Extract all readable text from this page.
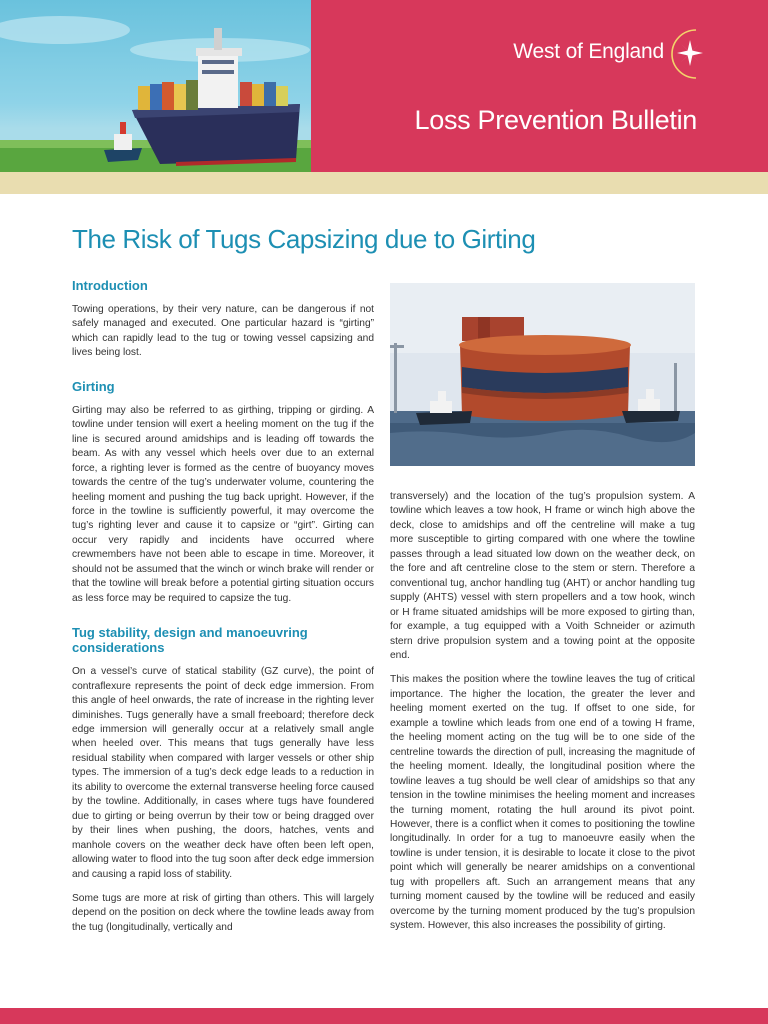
West of England
Loss Prevention Bulletin
The Risk of Tugs Capsizing due to Girting
Introduction

Towing operations, by their very nature, can be dangerous if not safely managed and executed. One particular hazard is “girting” which can rapidly lead to the tug or towing vessel capsizing and lives being lost.

Girting

Girting may also be referred to as girthing, tripping or girding. A towline under tension will exert a heeling moment on the tug if the line is secured around amidships and is leading off towards the beam. As with any vessel which heels over due to an external force, a righting lever is formed as the centre of buoyancy moves towards the centre of the tug’s underwater volume, countering the heeling moment and pushing the tug back upright. However, if the force in the towline is sufficiently powerful, it may overcome the tug’s righting lever and cause it to capsize or “girt”. Girting can occur very rapidly and incidents have occurred where crewmembers have not been able to escape in time. Moreover, it should not be assumed that the winch or winch brake will render or that the towline will break before a potential girting situation occurs as less force may be required to capsize the tug.

Tug stability, design and manoeuvring considerations

On a vessel’s curve of statical stability (GZ curve), the point of contraflexure represents the point of deck edge immersion. From this angle of heel onwards, the rate of increase in the righting lever diminishes. Tugs generally have a small freeboard; therefore deck edge immersion will generally occur at a relatively small angle when heeled over. This means that tugs generally have less residual stability when compared with larger vessels or other ship types. The immersion of a tug’s deck edge leads to a reduction in its ability to overcome the external transverse heeling force caused by the towline. Additionally, in cases where tugs have foundered due to girting or being overrun by their tow or being dragged over by their lines when pushing, the doors, hatches, vents and manhole covers on the weather deck have often been left open, allowing water to flood into the tug soon after deck edge immersion and causing a rapid loss of stability.

Some tugs are more at risk of girting than others. This will largely depend on the position on deck where the towline leads away from the tug (longitudinally, vertically and

transversely) and the location of the tug’s propulsion system. A towline which leaves a tow hook, H frame or winch high above the deck, close to amidships and off the centreline will make a tug more susceptible to girting compared with one where the towline passes through a lead situated low down on the weather deck, on the fore and aft centreline close to the stem or stern. Therefore a conventional tug, anchor handling tug (AHT) or anchor handling tug supply (AHTS) vessel with stern propellers and a tow hook, winch or H frame situated amidships will be more exposed to girting than, for example, a tug equipped with a Voith Schneider or azimuth stern drive propulsion system and a towing point at the opposite end.

This makes the position where the towline leaves the tug of critical importance. The higher the location, the greater the lever and heeling moment exerted on the tug. If offset to one side, for example a towline which leads from one end of a towing H frame, the heeling moment acting on the tug will be to one side of the centreline towards the direction of pull, increasing the magnitude of the heeling moment. Ideally, the longitudinal position where the towline leaves a tug should be well clear of amidships so that any tension in the towline minimises the heeling moment and increases the turning moment, rotating the hull around its pivot point. However, there is a conflict when it comes to positioning the towline longitudinally. In order for a tug to manoeuvre easily when the towline is under tension, it is desirable to locate it close to the pivot point which will generally be nearer amidships on a conventional tug with propellers aft. Such an arrangement means that any turning moment caused by the towline will be reduced and easily overcome by the turning moment produced by the tug’s propulsion system. However, this also increases the possibility of girting.
